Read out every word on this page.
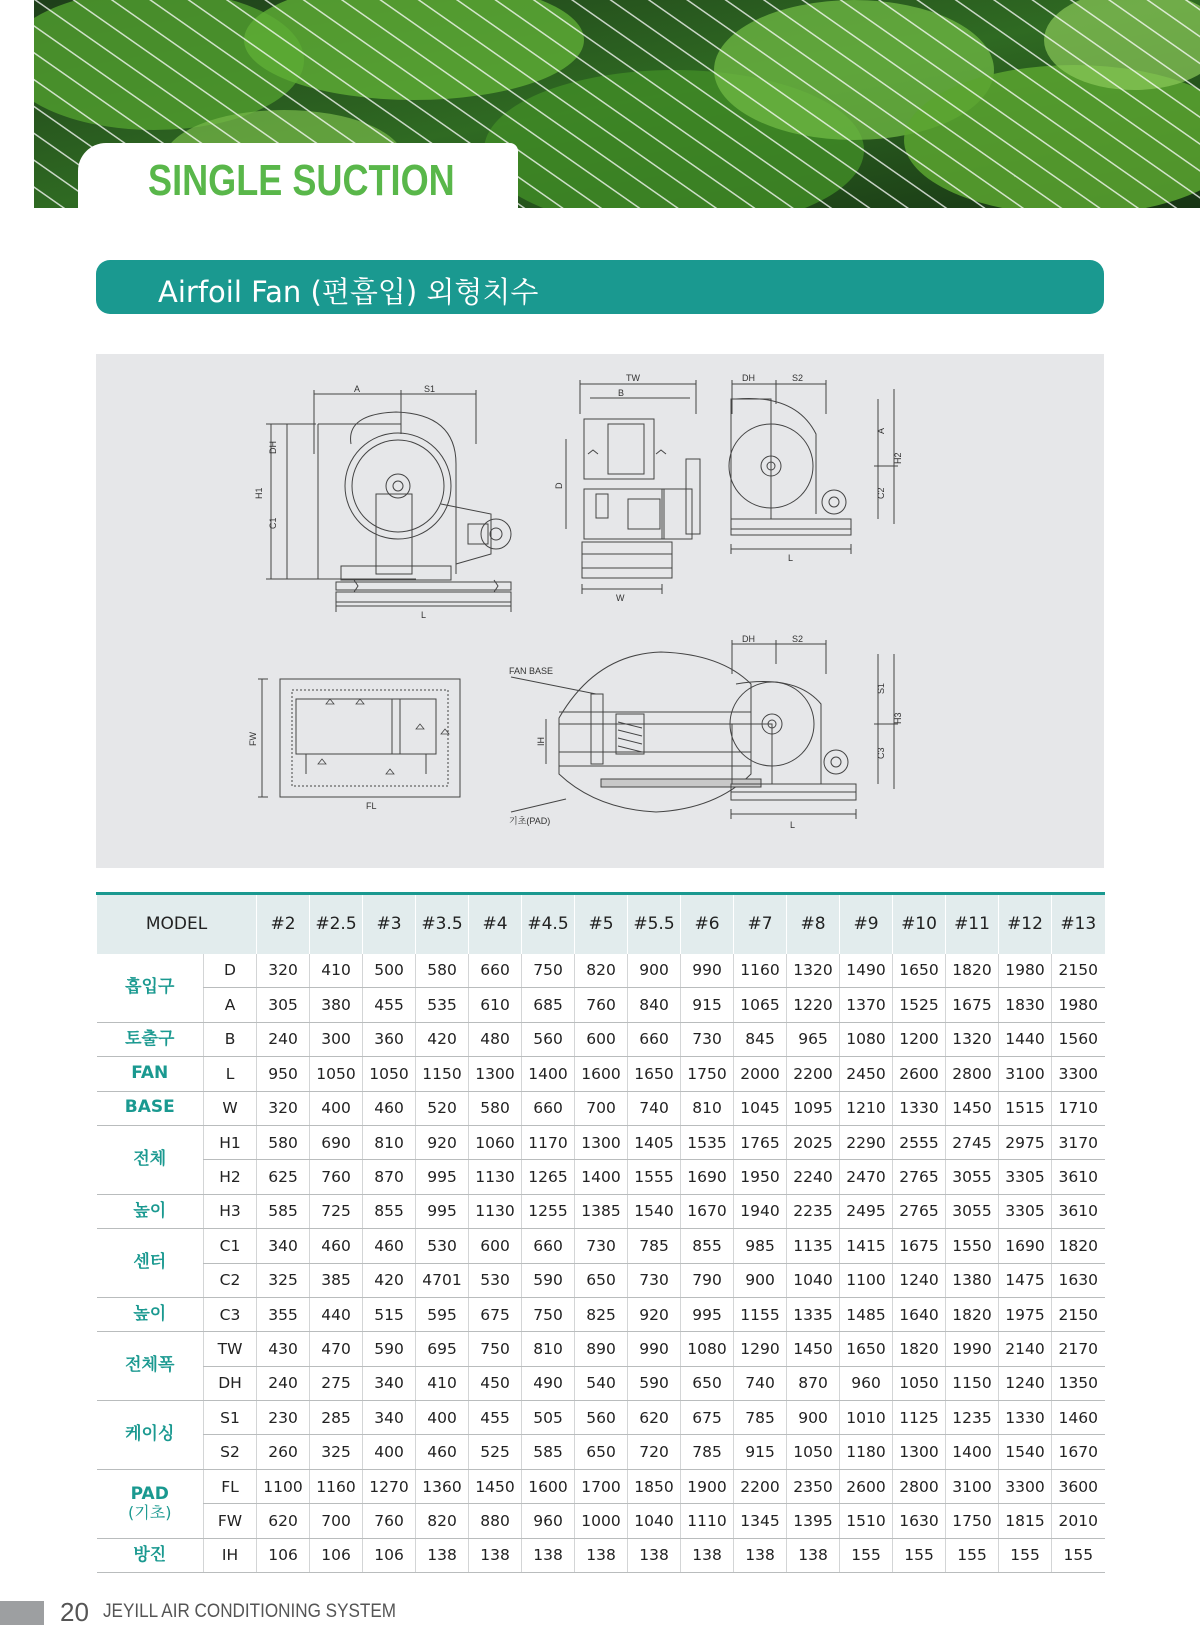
SINGLE SUCTION
Airfoil Fan (편흡입) 외형치수
A	S1
DH
H1
C1
L
TW
B
D
W
DH	S2
A
C2
H2
L
FW
FL
FAN BASE
IH
기초(PAD)
DH	S2
S1
C3
H3
L
MODEL		#2	#2.5	#3	#3.5	#4	#4.5	#5	#5.5	#6	#7	#8	#9	#10	#11	#12	#13

흡입구	D	320	410	500	580	660	750	820	900	990	1160	1320	1490	1650	1820	1980	2150
	A	305	380	455	535	610	685	760	840	915	1065	1220	1370	1525	1675	1830	1980

토출구	B	240	300	360	420	480	560	600	660	730	845	965	1080	1200	1320	1440	1560

FAN	L	950	1050	1050	1150	1300	1400	1600	1650	1750	2000	2200	2450	2600	2800	3100	3300

BASE	W	320	400	460	520	580	660	700	740	810	1045	1095	1210	1330	1450	1515	1710

전체	H1	580	690	810	920	1060	1170	1300	1405	1535	1765	2025	2290	2555	2745	2975	3170
	H2	625	760	870	995	1130	1265	1400	1555	1690	1950	2240	2470	2765	3055	3305	3610

높이	H3	585	725	855	995	1130	1255	1385	1540	1670	1940	2235	2495	2765	3055	3305	3610

센터	C1	340	460	460	530	600	660	730	785	855	985	1135	1415	1675	1550	1690	1820
	C2	325	385	420	4701	530	590	650	730	790	900	1040	1100	1240	1380	1475	1630

높이	C3	355	440	515	595	675	750	825	920	995	1155	1335	1485	1640	1820	1975	2150

전체폭	TW	430	470	590	695	750	810	890	990	1080	1290	1450	1650	1820	1990	2140	2170
	DH	240	275	340	410	450	490	540	590	650	740	870	960	1050	1150	1240	1350

케이싱	S1	230	285	340	400	455	505	560	620	675	785	900	1010	1125	1235	1330	1460
	S2	260	325	400	460	525	585	650	720	785	915	1050	1180	1300	1400	1540	1670

PAD
(기초)	FL	1100	1160	1270	1360	1450	1600	1700	1850	1900	2200	2350	2600	2800	3100	3300	3600
	FW	620	700	760	820	880	960	1000	1040	1110	1345	1395	1510	1630	1750	1815	2010

방진	IH	106	106	106	138	138	138	138	138	138	138	138	155	155	155	155	155
20 JEYILL AIR CONDITIONING SYSTEM
